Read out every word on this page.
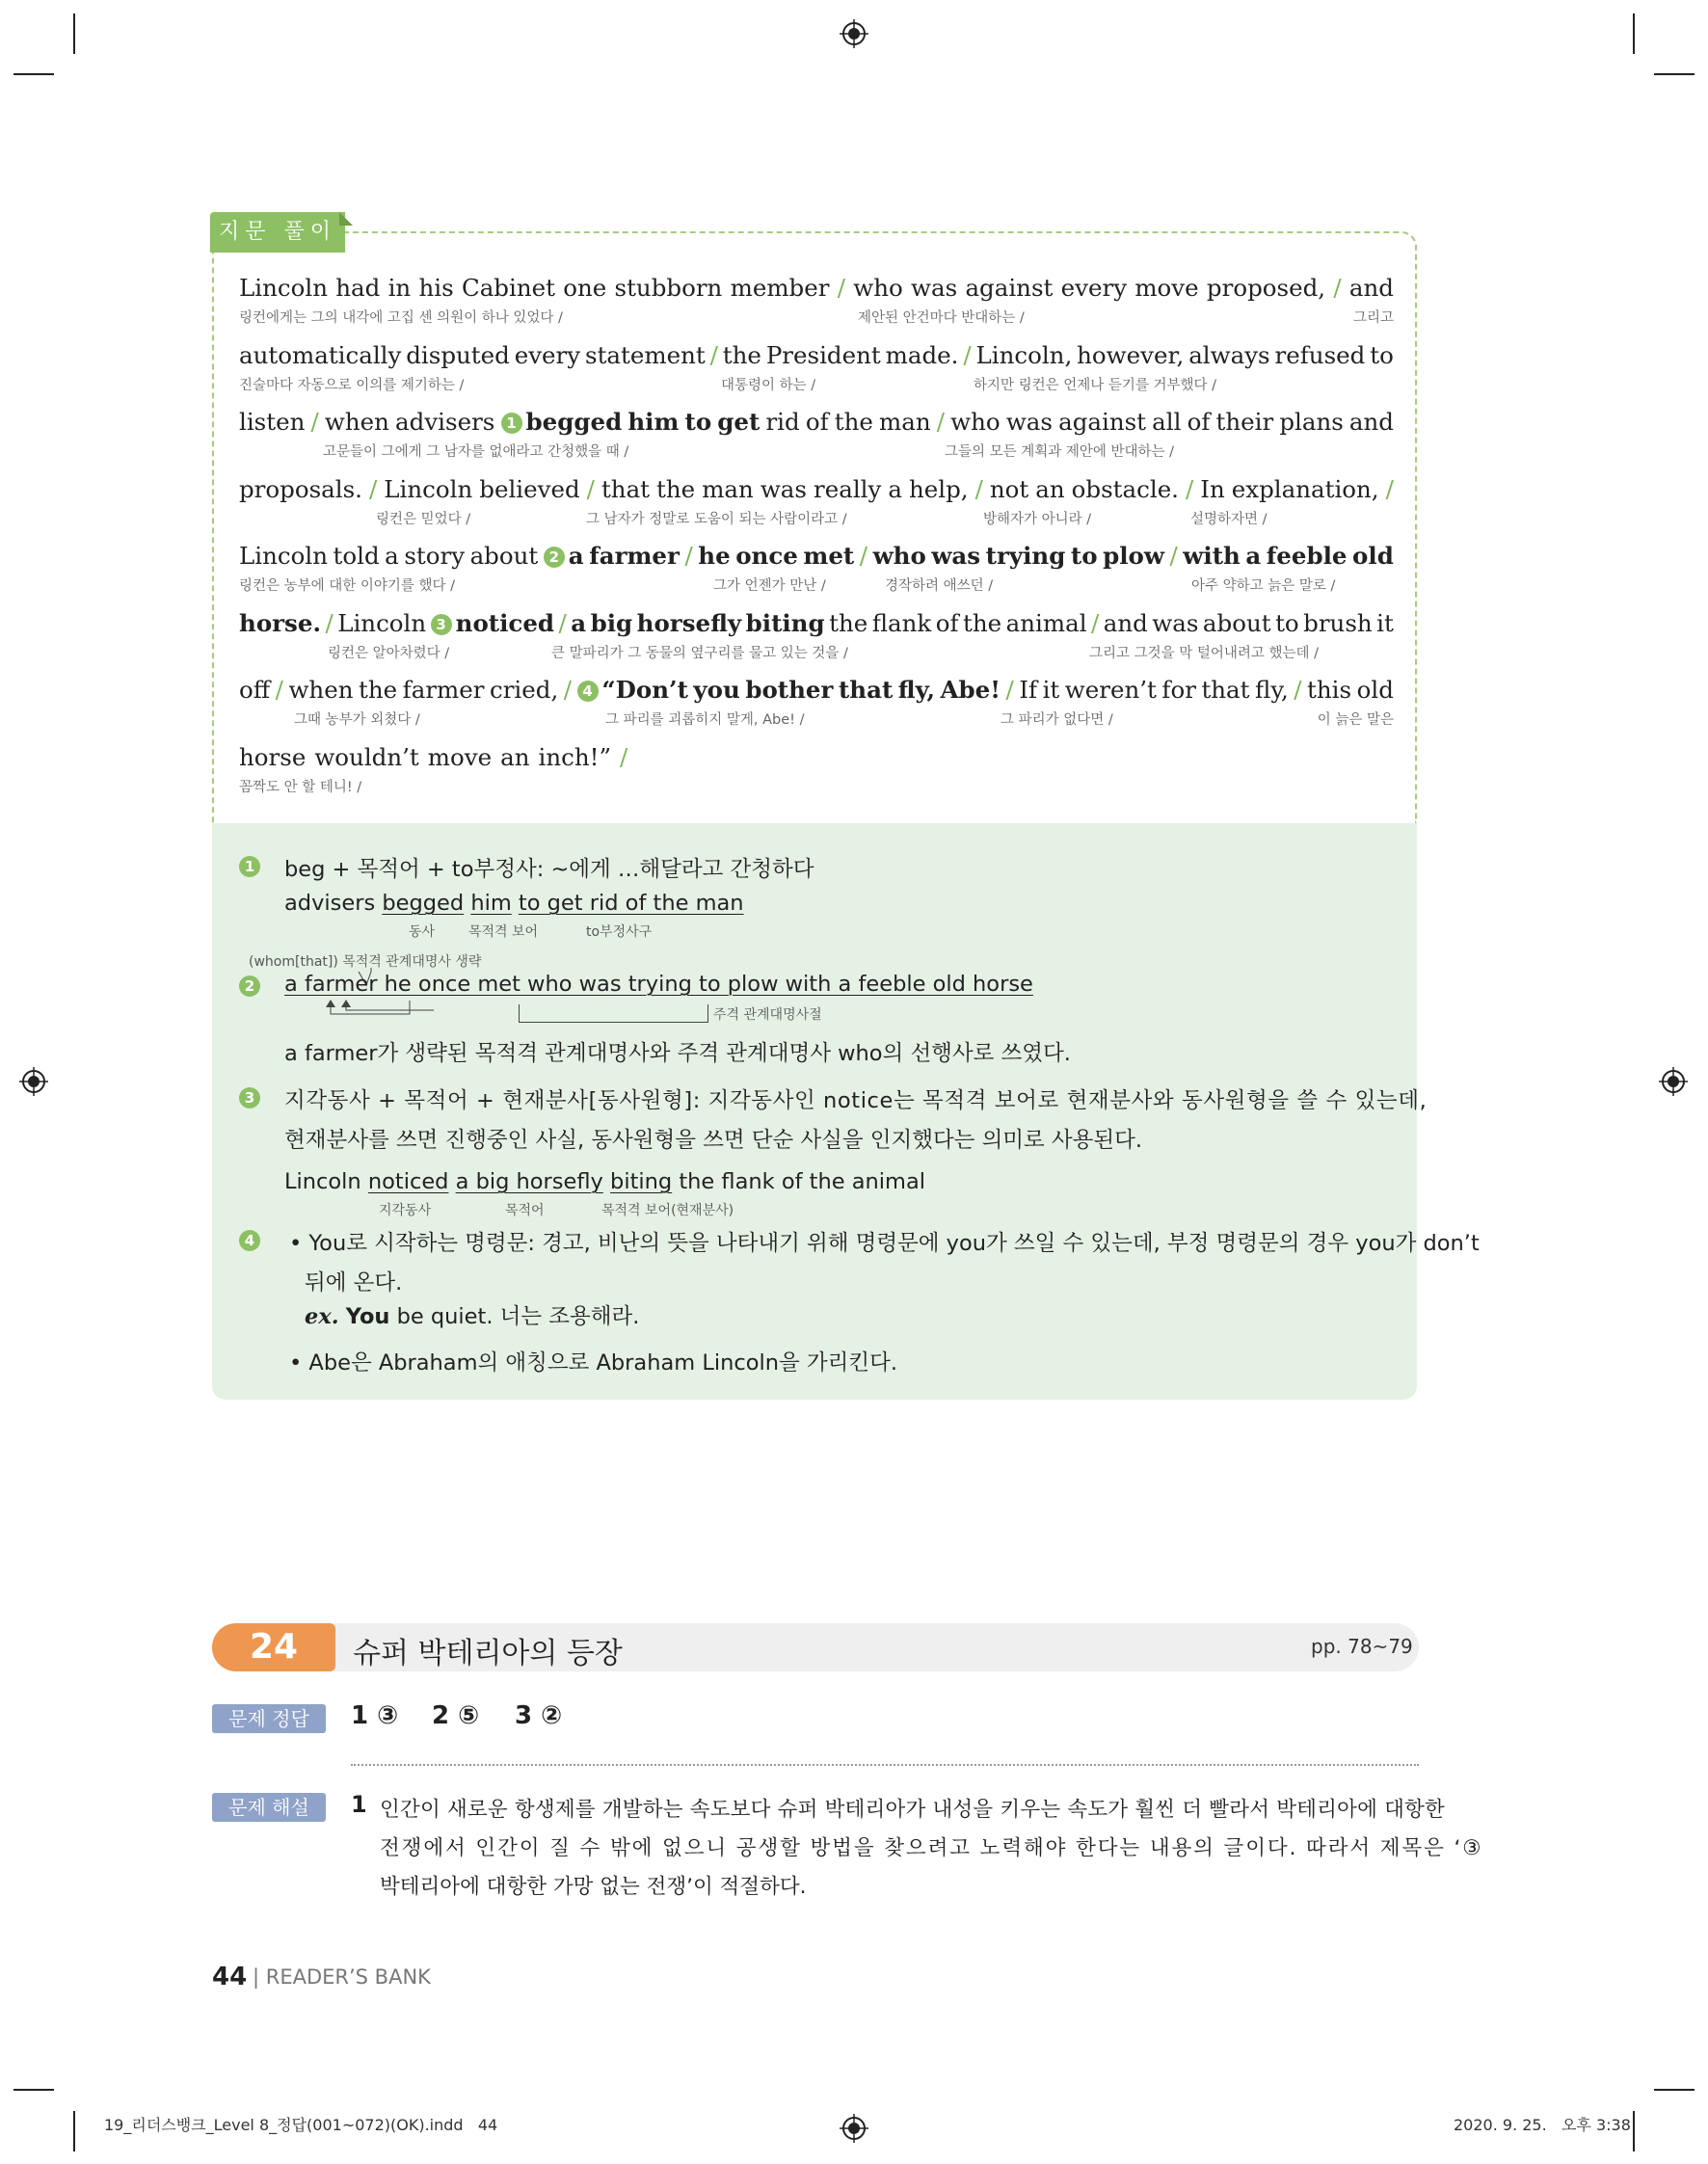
지문 풀이
Lincoln had in his Cabinet one stubborn member / who was against every move proposed, / and
링컨에게는 그의 내각에 고집 센 의원이 하나 있었다 /	제안된 안건마다 반대하는 /	그리고
automatically disputed every statement / the President made. / Lincoln, however, always refused to
진술마다 자동으로 이의를 제기하는 /	대통령이 하는 /	하지만 링컨은 언제나 듣기를 거부했다 /
listen / when advisers 1 begged him to get rid of the man / who was against all of their plans and
고문들이 그에게 그 남자를 없애라고 간청했을 때 /	그들의 모든 계획과 제안에 반대하는 /
proposals. / Lincoln believed / that the man was really a help, / not an obstacle. / In explanation, /
링컨은 믿었다 /	그 남자가 정말로 도움이 되는 사람이라고 /	방해자가 아니라 /	설명하자면 /
Lincoln told a story about 2 a farmer / he once met / who was trying to plow / with a feeble old
링컨은 농부에 대한 이야기를 했다 /	그가 언젠가 만난 /	경작하려 애쓰던 /	아주 약하고 늙은 말로 /
horse. / Lincoln 3 noticed / a big horsefly biting the flank of the animal / and was about to brush it
링컨은 알아차렸다 /	큰 말파리가 그 동물의 옆구리를 물고 있는 것을 /	그리고 그것을 막 털어내려고 했는데 /
off / when the farmer cried, / 4 “Don’t you bother that fly, Abe! / If it weren’t for that fly, / this old
그때 농부가 외쳤다 /	그 파리를 괴롭히지 말게, Abe! /	그 파리가 없다면 /	이 늙은 말은
horse wouldn’t move an inch!” /
꼼짝도 안 할 테니! /
1 beg + 목적어 + to부정사: ~에게 …해달라고 간청하다
advisers begged him to get rid of the man
동사 목적격 보어	to부정사구
(whom[that]) 목적격 관계대명사 생략
2 a farmer he once met who was trying to plow with a feeble old horse
주격 관계대명사절
a farmer가 생략된 목적격 관계대명사와 주격 관계대명사 who의 선행사로 쓰였다.
3 지각동사 + 목적어 + 현재분사[동사원형]: 지각동사인 notice는 목적격 보어로 현재분사와 동사원형을 쓸 수 있는데,
현재분사를 쓰면 진행중인 사실, 동사원형을 쓰면 단순 사실을 인지했다는 의미로 사용된다.
Lincoln noticed a big horsefly biting the flank of the animal
지각동사	목적어	목적격 보어(현재분사)
4 • You로 시작하는 명령문: 경고, 비난의 뜻을 나타내기 위해 명령문에 you가 쓰일 수 있는데, 부정 명령문의 경우 you가 don’t
뒤에 온다.
ex. You be quiet. 너는 조용해라.
• Abe은 Abraham의 애칭으로 Abraham Lincoln을 가리킨다.
24	슈퍼 박테리아의 등장	pp. 78~79
문제 정답	1 ③ 2 ⑤ 3 ②
문제 해설	1 인간이 새로운 항생제를 개발하는 속도보다 슈퍼 박테리아가 내성을 키우는 속도가 훨씬 더 빨라서 박테리아에 대항한
전쟁에서 인간이 질 수 밖에 없으니 공생할 방법을 찾으려고 노력해야 한다는 내용의 글이다. 따라서 제목은 ‘③
박테리아에 대항한 가망 없는 전쟁’이 적절하다.
44 | READER’S BANK
19_리더스뱅크_Level 8_정답(001~072)(OK).indd   44	2020. 9. 25.   오후 3:38
